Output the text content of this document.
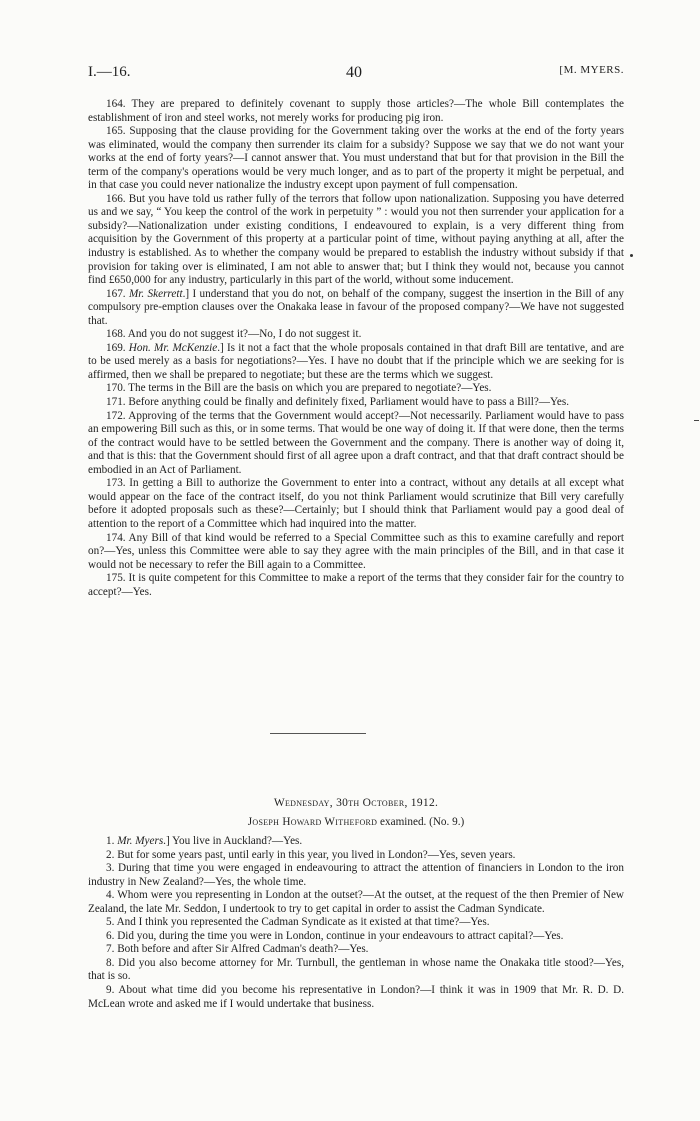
I.—16.	40	[M. MYERS.

164. They are prepared to definitely covenant to supply those articles?—The whole Bill contemplates the establishment of iron and steel works, not merely works for producing pig iron.

165. Supposing that the clause providing for the Government taking over the works at the end of the forty years was eliminated, would the company then surrender its claim for a subsidy? Suppose we say that we do not want your works at the end of forty years?—I cannot answer that. You must understand that but for that provision in the Bill the term of the company's operations would be very much longer, and as to part of the property it might be perpetual, and in that case you could never nationalize the industry except upon payment of full compensation.

166. But you have told us rather fully of the terrors that follow upon nationalization. Supposing you have deterred us and we say, “ You keep the control of the work in perpetuity ” : would you not then surrender your application for a subsidy?—Nationalization under existing conditions, I endeavoured to explain, is a very different thing from acquisition by the Government of this property at a particular point of time, without paying anything at all, after the industry is established. As to whether the company would be prepared to establish the industry without subsidy if that provision for taking over is eliminated, I am not able to answer that; but I think they would not, because you cannot find £650,000 for any industry, particularly in this part of the world, without some inducement.

167. Mr. Skerrett.] I understand that you do not, on behalf of the company, suggest the insertion in the Bill of any compulsory pre-emption clauses over the Onakaka lease in favour of the proposed company?—We have not suggested that.

168. And you do not suggest it?—No, I do not suggest it.

169. Hon. Mr. McKenzie.] Is it not a fact that the whole proposals contained in that draft Bill are tentative, and are to be used merely as a basis for negotiations?—Yes. I have no doubt that if the principle which we are seeking for is affirmed, then we shall be prepared to negotiate; but these are the terms which we suggest.

170. The terms in the Bill are the basis on which you are prepared to negotiate?—Yes.

171. Before anything could be finally and definitely fixed, Parliament would have to pass a Bill?—Yes.

172. Approving of the terms that the Government would accept?—Not necessarily. Parliament would have to pass an empowering Bill such as this, or in some terms. That would be one way of doing it. If that were done, then the terms of the contract would have to be settled between the Government and the company. There is another way of doing it, and that is this: that the Government should first of all agree upon a draft contract, and that that draft contract should be embodied in an Act of Parliament.

173. In getting a Bill to authorize the Government to enter into a contract, without any details at all except what would appear on the face of the contract itself, do you not think Parliament would scrutinize that Bill very carefully before it adopted proposals such as these?—Certainly; but I should think that Parliament would pay a good deal of attention to the report of a Committee which had inquired into the matter.

174. Any Bill of that kind would be referred to a Special Committee such as this to examine carefully and report on?—Yes, unless this Committee were able to say they agree with the main principles of the Bill, and in that case it would not be necessary to refer the Bill again to a Committee.

175. It is quite competent for this Committee to make a report of the terms that they consider fair for the country to accept?—Yes.

Wednesday, 30th October, 1912.
Joseph Howard Witheford examined. (No. 9.)

1. Mr. Myers.] You live in Auckland?—Yes.

2. But for some years past, until early in this year, you lived in London?—Yes, seven years.

3. During that time you were engaged in endeavouring to attract the attention of financiers in London to the iron industry in New Zealand?—Yes, the whole time.

4. Whom were you representing in London at the outset?—At the outset, at the request of the then Premier of New Zealand, the late Mr. Seddon, I undertook to try to get capital in order to assist the Cadman Syndicate.

5. And I think you represented the Cadman Syndicate as it existed at that time?—Yes.

6. Did you, during the time you were in London, continue in your endeavours to attract capital?—Yes.

7. Both before and after Sir Alfred Cadman's death?—Yes.

8. Did you also become attorney for Mr. Turnbull, the gentleman in whose name the Onakaka title stood?—Yes, that is so.

9. About what time did you become his representative in London?—I think it was in 1909 that Mr. R. D. D. McLean wrote and asked me if I would undertake that business.
